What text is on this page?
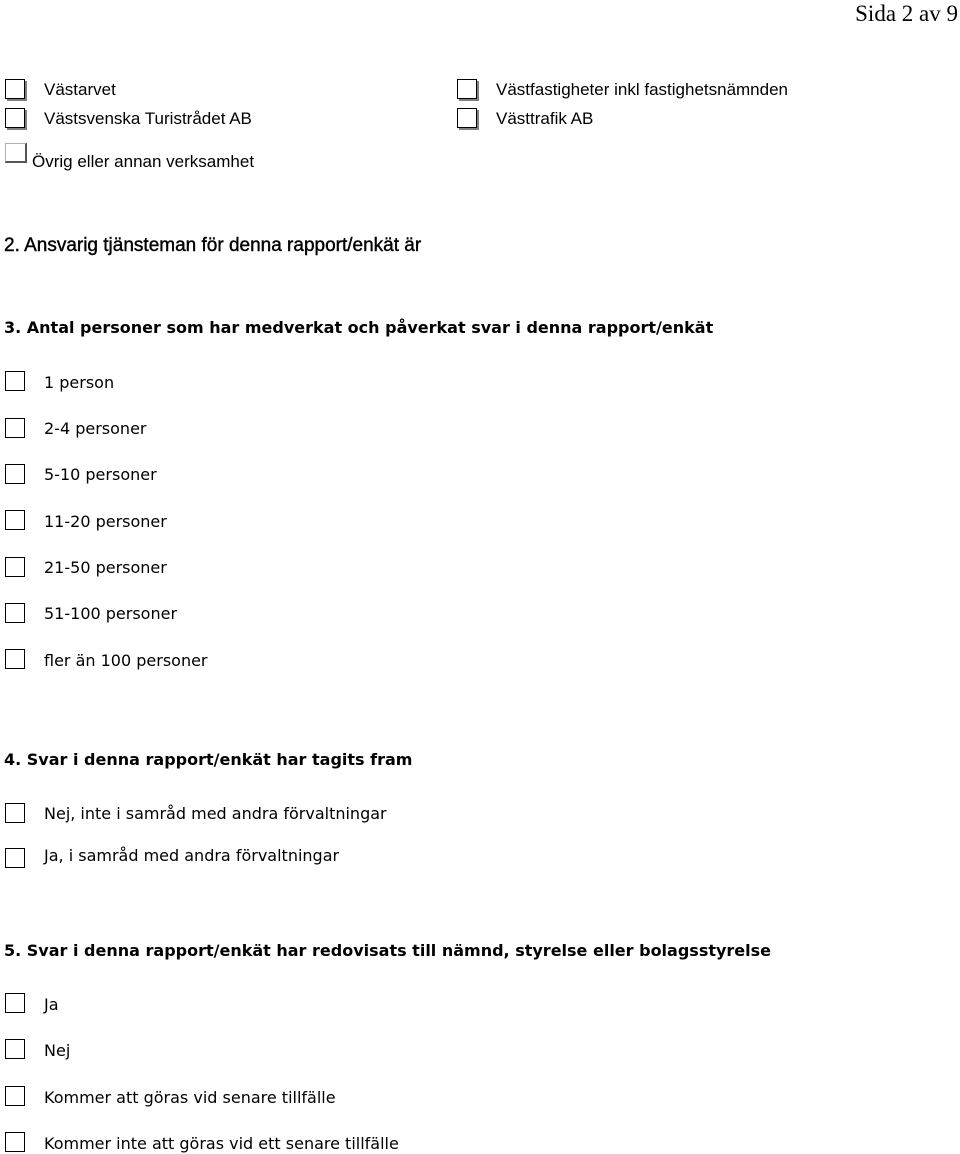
Sida 2 av 9
Västarvet	Västfastigheter inkl fastighetsnämnden
Västsvenska Turistrådet AB	Västtrafik AB
Övrig eller annan verksamhet
2. Ansvarig tjänsteman för denna rapport/enkät är
3. Antal personer som har medverkat och påverkat svar i denna rapport/enkät
1 person
2-4 personer
5-10 personer
11-20 personer
21-50 personer
51-100 personer
fler än 100 personer
4. Svar i denna rapport/enkät har tagits fram
Nej, inte i samråd med andra förvaltningar
Ja, i samråd med andra förvaltningar
5. Svar i denna rapport/enkät har redovisats till nämnd, styrelse eller bolagsstyrelse
Ja
Nej
Kommer att göras vid senare tillfälle
Kommer inte att göras vid ett senare tillfälle
